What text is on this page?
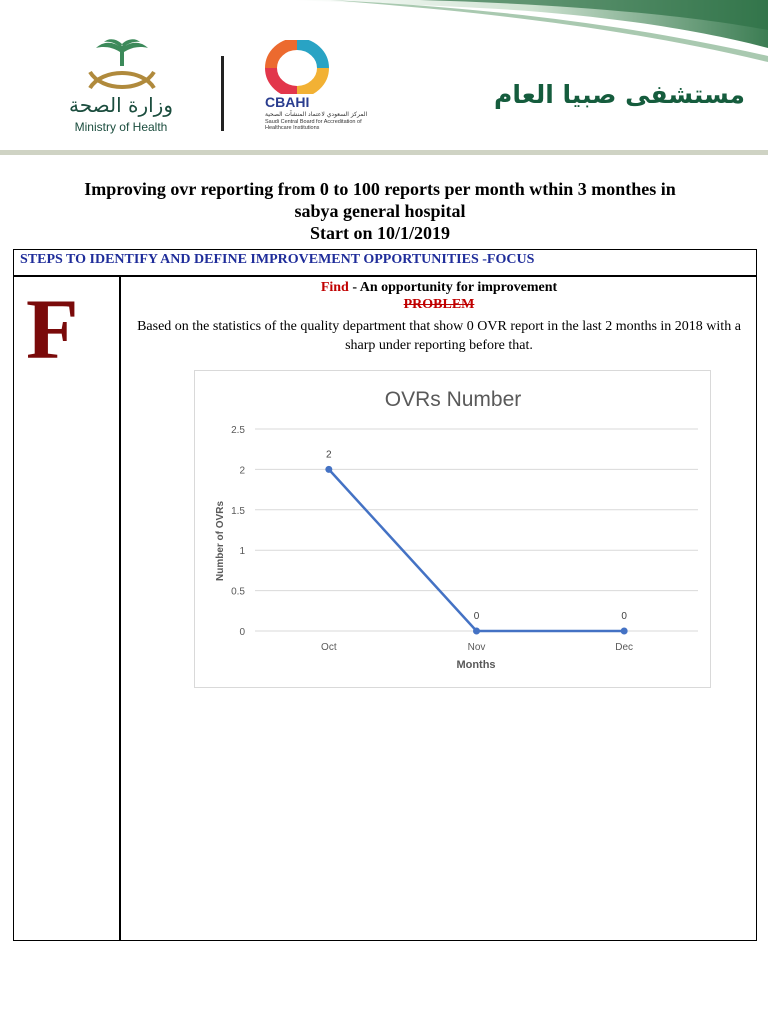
وزارة الصحة
Ministry of Health
CBAHI
المركز السعودي لاعتماد المنشآت الصحية
Saudi Central Board for Accreditation of Healthcare Institutions
مستشفى صبيا العام
Improving ovr reporting from 0 to 100 reports per month wthin 3 monthes in
sabya general hospital
Start on 10/1/2019
STEPS TO IDENTIFY AND DEFINE IMPROVEMENT OPPORTUNITIES -FOCUS
F	Find - An opportunity for improvement
PROBLEM
Based on the statistics of the quality department that show 0 OVR report in the last 2 months in 2018 with a sharp under reporting before that.
OVRs Number
0
0.5
1
1.5
2
2.5
Oct	Nov	Dec
2
0	0
Months
Number of OVRs
